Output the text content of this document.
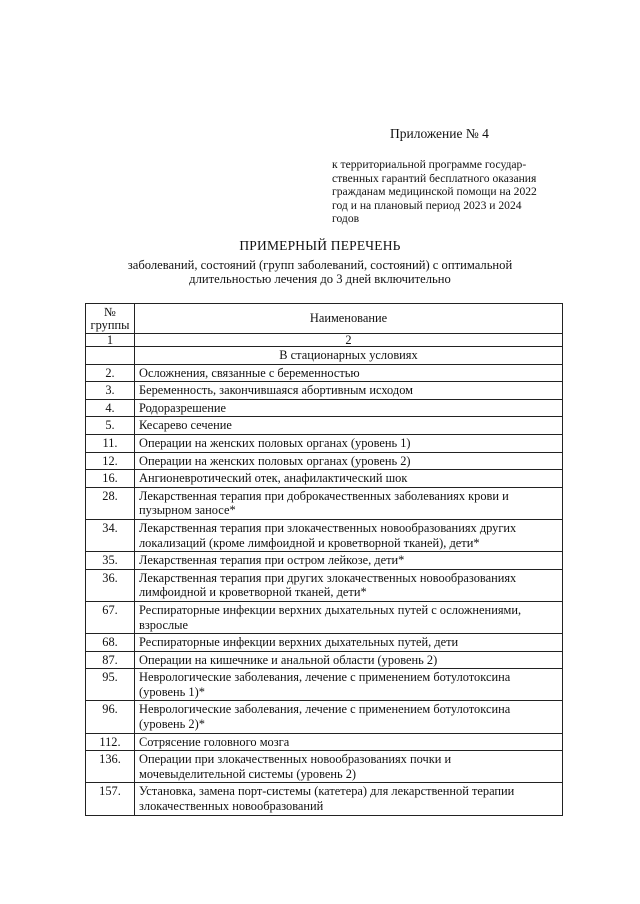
Приложение № 4
к территориальной программе государ-
ственных гарантий бесплатного оказания
гражданам медицинской помощи на 2022
год и на плановый период 2023 и 2024
годов
ПРИМЕРНЫЙ ПЕРЕЧЕНЬ
заболеваний, состояний (групп заболеваний, состояний) с оптимальной
длительностью лечения до 3 дней включительно
№
группы	Наименование
1	2
	В стационарных условиях
2.	Осложнения, связанные с беременностью
3.	Беременность, закончившаяся абортивным исходом
4.	Родоразрешение
5.	Кесарево сечение
11.	Операции на женских половых органах (уровень 1)
12.	Операции на женских половых органах (уровень 2)
16.	Ангионевротический отек, анафилактический шок
28.	Лекарственная терапия при доброкачественных заболеваниях крови и пузырном заносе*
34.	Лекарственная терапия при злокачественных новообразованиях других локализаций (кроме лимфоидной и кроветворной тканей), дети*
35.	Лекарственная терапия при остром лейкозе, дети*
36.	Лекарственная терапия при других злокачественных новообразованиях лимфоидной и кроветворной тканей, дети*
67.	Респираторные инфекции верхних дыхательных путей с осложнениями, взрослые
68.	Респираторные инфекции верхних дыхательных путей, дети
87.	Операции на кишечнике и анальной области (уровень 2)
95.	Неврологические заболевания, лечение с применением ботулотоксина (уровень 1)*
96.	Неврологические заболевания, лечение с применением ботулотоксина (уровень 2)*
112.	Сотрясение головного мозга
136.	Операции при злокачественных новообразованиях почки и мочевыделительной системы (уровень 2)
157.	Установка, замена порт-системы (катетера) для лекарственной терапии злокачественных новообразований
